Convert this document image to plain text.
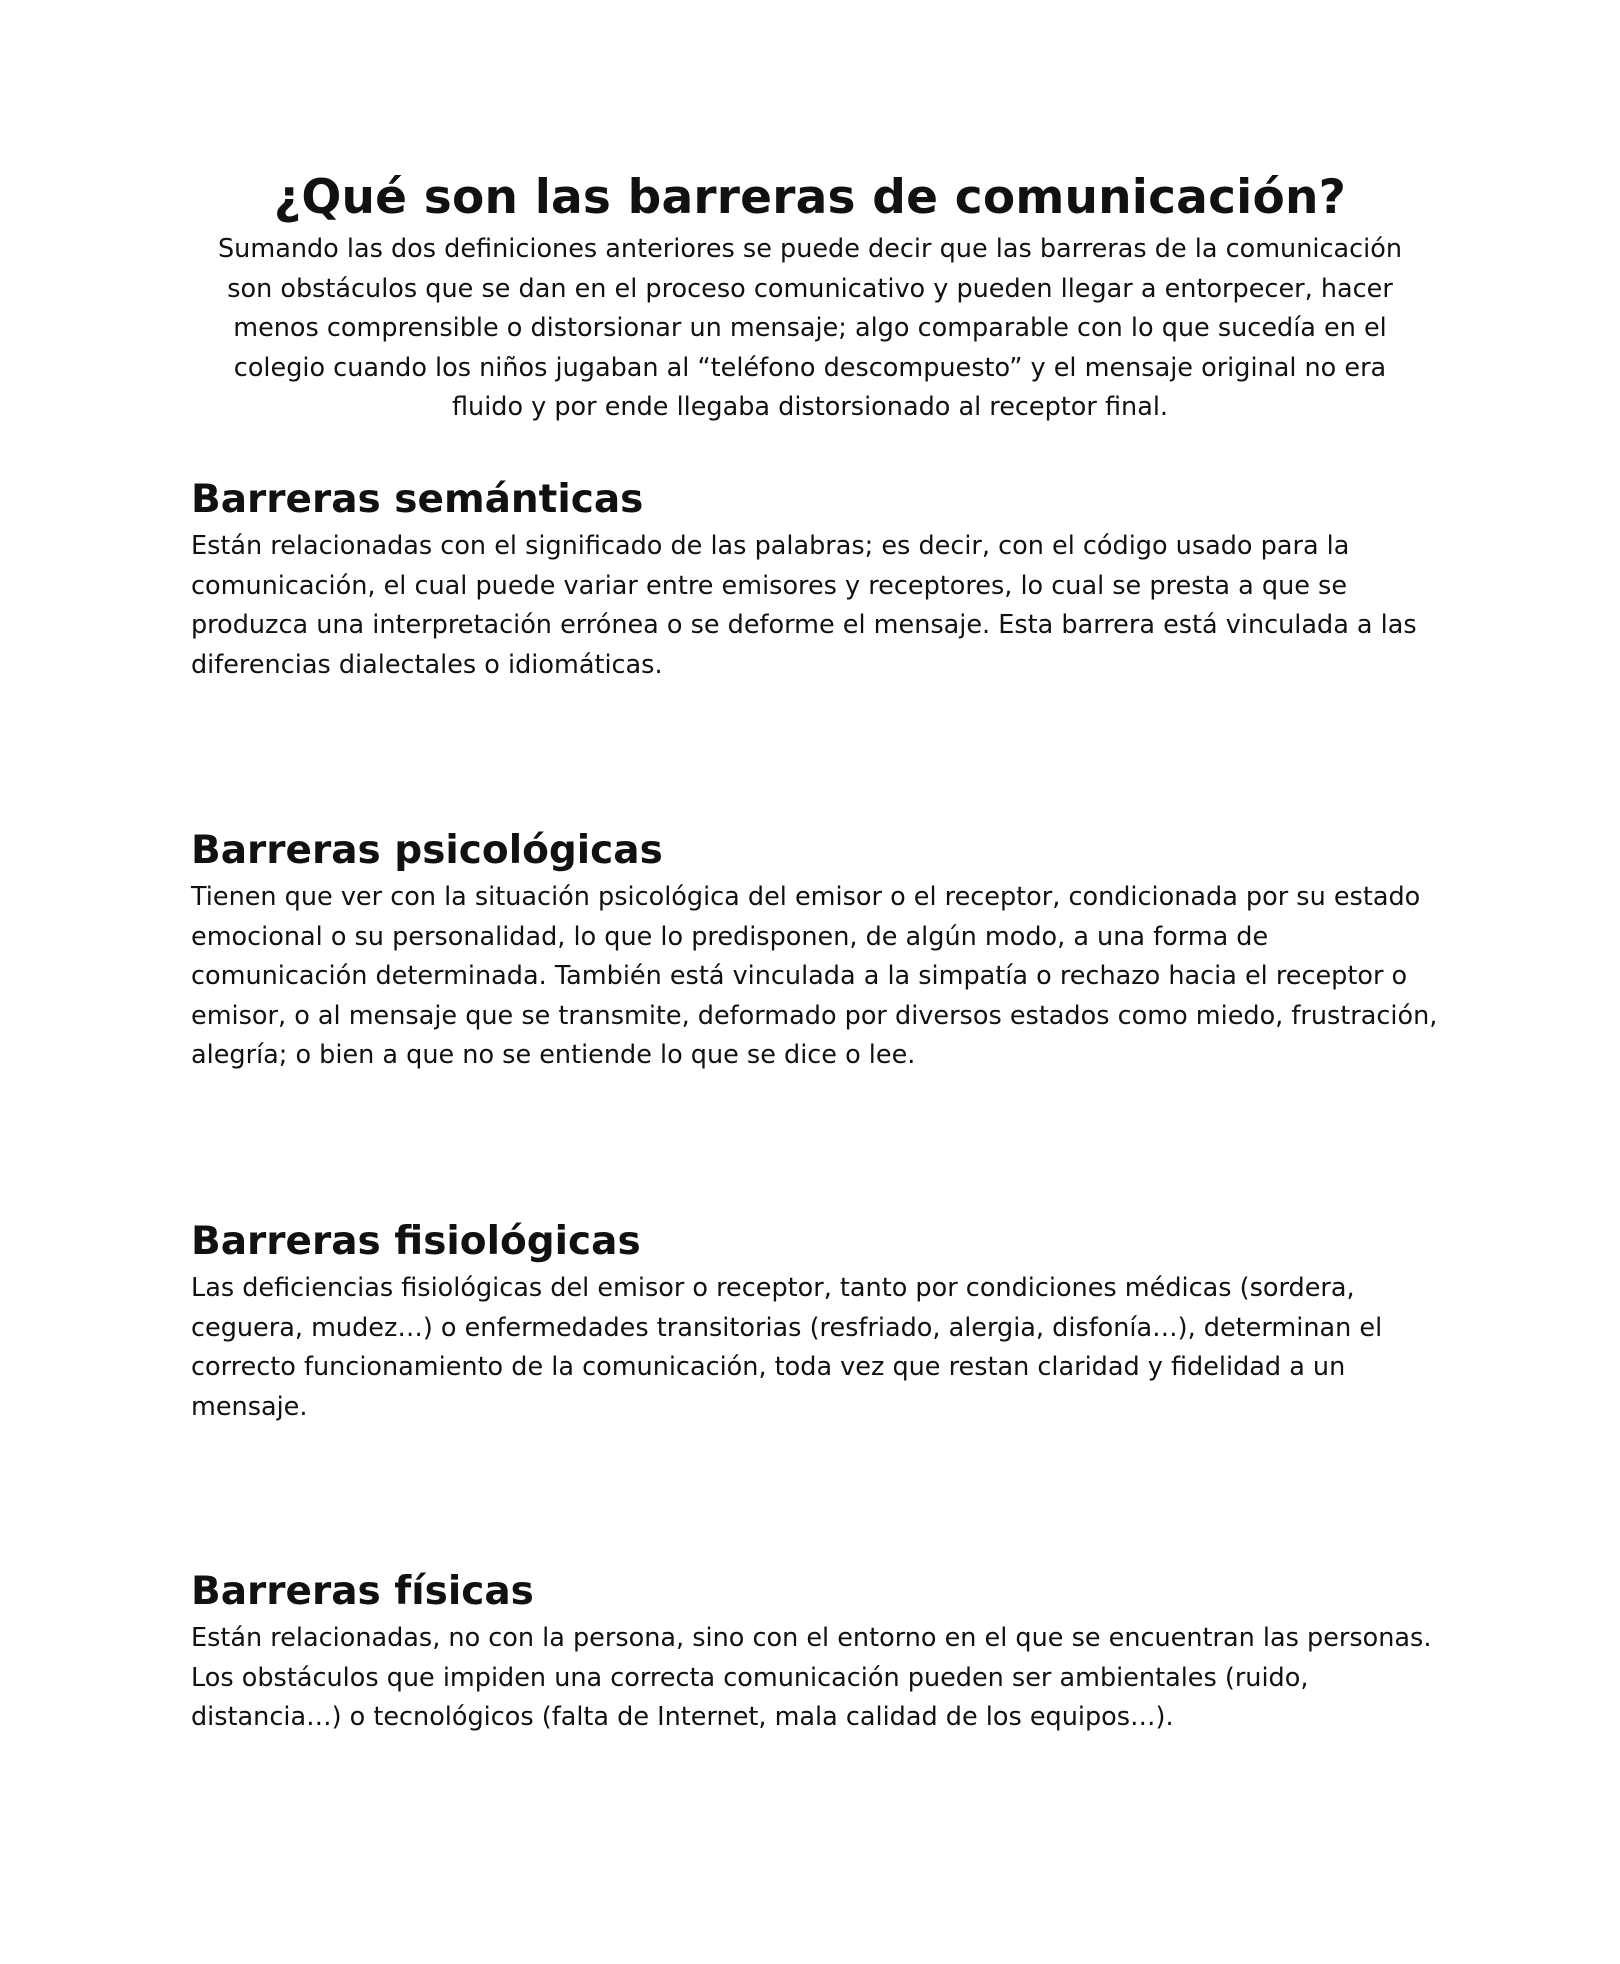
¿Qué son las barreras de comunicación?

Sumando las dos definiciones anteriores se puede decir que las barreras de la comunicación son obstáculos que se dan en el proceso comunicativo y pueden llegar a entorpecer, hacer menos comprensible o distorsionar un mensaje; algo comparable con lo que sucedía en el colegio cuando los niños jugaban al “teléfono descompuesto” y el mensaje original no era fluido y por ende llegaba distorsionado al receptor final.

Barreras semánticas

Están relacionadas con el significado de las palabras; es decir, con el código usado para la comunicación, el cual puede variar entre emisores y receptores, lo cual se presta a que se produzca una interpretación errónea o se deforme el mensaje. Esta barrera está vinculada a las diferencias dialectales o idiomáticas.

Barreras psicológicas

Tienen que ver con la situación psicológica del emisor o el receptor, condicionada por su estado emocional o su personalidad, lo que lo predisponen, de algún modo, a una forma de comunicación determinada. También está vinculada a la simpatía o rechazo hacia el receptor o emisor, o al mensaje que se transmite, deformado por diversos estados como miedo, frustración, alegría; o bien a que no se entiende lo que se dice o lee.

Barreras fisiológicas

Las deficiencias fisiológicas del emisor o receptor, tanto por condiciones médicas (sordera, ceguera, mudez…) o enfermedades transitorias (resfriado, alergia, disfonía…), determinan el correcto funcionamiento de la comunicación, toda vez que restan claridad y fidelidad a un mensaje.

Barreras físicas

Están relacionadas, no con la persona, sino con el entorno en el que se encuentran las personas. Los obstáculos que impiden una correcta comunicación pueden ser ambientales (ruido, distancia…) o tecnológicos (falta de Internet, mala calidad de los equipos…).
